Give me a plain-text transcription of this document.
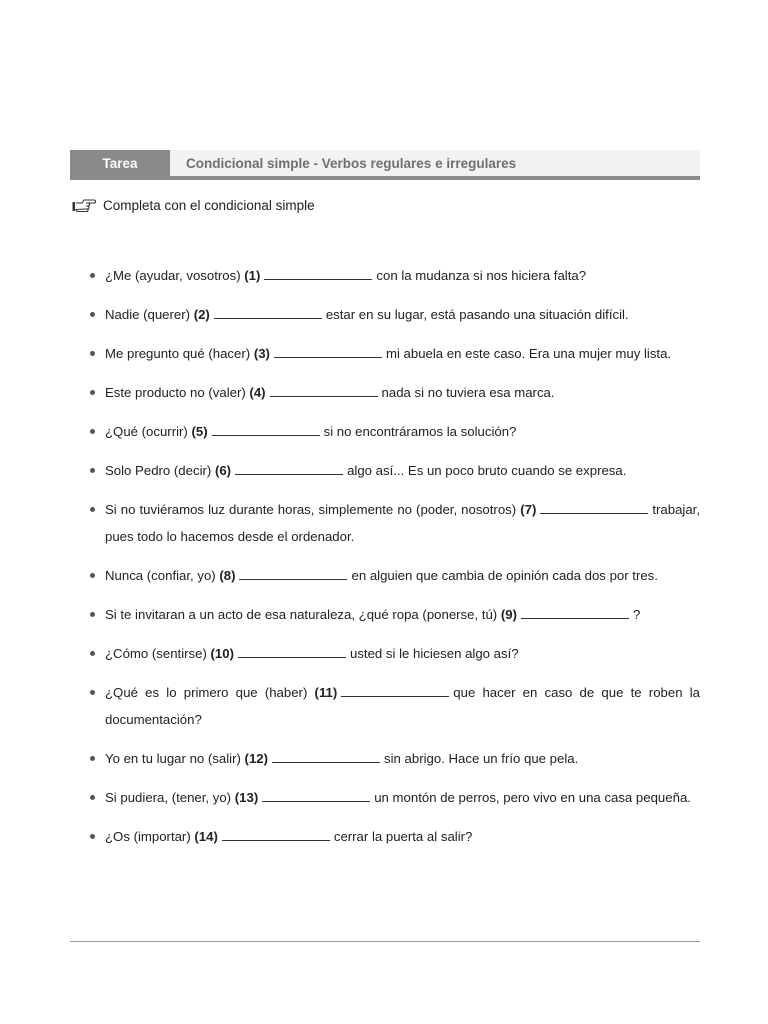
Tarea	Condicional simple - Verbos regulares e irregulares
Completa con el condicional simple
¿Me (ayudar, vosotros) (1)	con la mudanza si nos hiciera falta?
Nadie (querer) (2)	estar en su lugar, está pasando una situación difícil.
Me pregunto qué (hacer) (3)	mi abuela en este caso. Era una mujer muy lista.
Este producto no (valer) (4)	nada si no tuviera esa marca.
¿Qué (ocurrir) (5)	si no encontráramos la solución?
Solo Pedro (decir) (6)	algo así... Es un poco bruto cuando se expresa.
Si no tuviéramos luz durante horas, simplemente no (poder, nosotros) (7)	trabajar, pues todo lo hacemos desde el ordenador.
Nunca (confiar, yo) (8)	en alguien que cambia de opinión cada dos por tres.
Si te invitaran a un acto de esa naturaleza, ¿qué ropa (ponerse, tú) (9)	?
¿Cómo (sentirse) (10)	usted si le hiciesen algo así?
¿Qué es lo primero que (haber) (11)	que hacer en caso de que te roben la documentación?
Yo en tu lugar no (salir) (12)	sin abrigo. Hace un frío que pela.
Si pudiera, (tener, yo) (13)	un montón de perros, pero vivo en una casa pequeña.
¿Os (importar) (14)	cerrar la puerta al salir?
